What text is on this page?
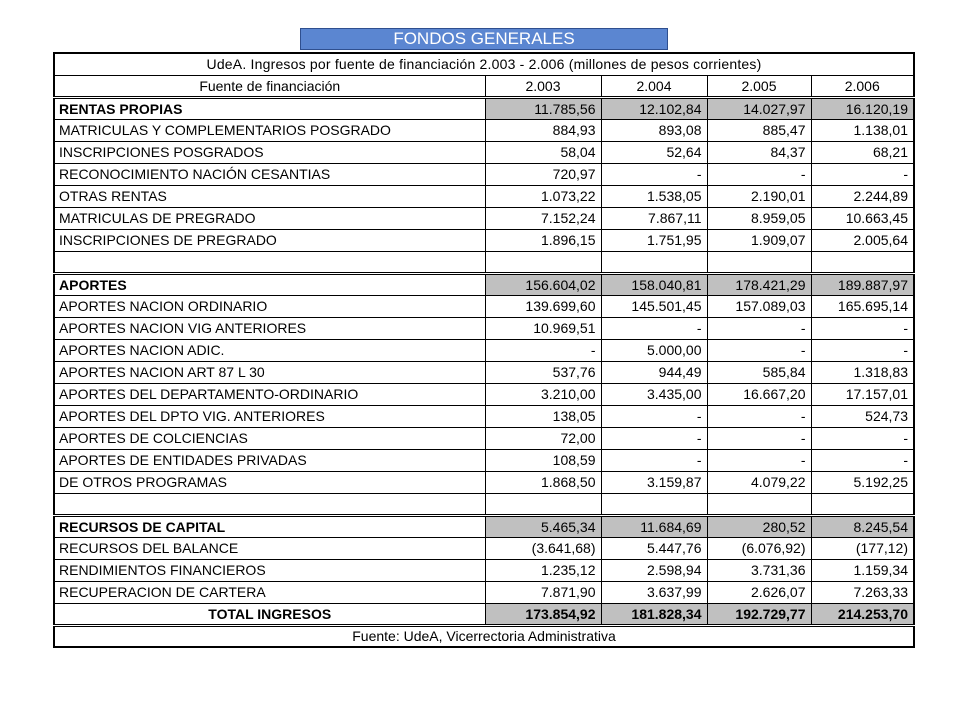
FONDOS GENERALES
UdeA. Ingresos por fuente de financiación 2.003 - 2.006 (millones de pesos corrientes)				
Fuente de financiación	2.003	2.004	2.005	2.006
RENTAS PROPIAS	11.785,56	12.102,84	14.027,97	16.120,19
MATRICULAS Y COMPLEMENTARIOS POSGRADO	884,93	893,08	885,47	1.138,01
INSCRIPCIONES POSGRADOS	58,04	52,64	84,37	68,21
RECONOCIMIENTO NACIÓN CESANTIAS	720,97	-	-	-
OTRAS RENTAS	1.073,22	1.538,05	2.190,01	2.244,89
MATRICULAS DE PREGRADO	7.152,24	7.867,11	8.959,05	10.663,45
INSCRIPCIONES DE PREGRADO	1.896,15	1.751,95	1.909,07	2.005,64

APORTES	156.604,02	158.040,81	178.421,29	189.887,97
APORTES NACION ORDINARIO	139.699,60	145.501,45	157.089,03	165.695,14
APORTES NACION VIG ANTERIORES	10.969,51	-	-	-
APORTES NACION ADIC.	-	5.000,00	-	-
APORTES NACION ART 87 L 30	537,76	944,49	585,84	1.318,83
APORTES DEL DEPARTAMENTO-ORDINARIO	3.210,00	3.435,00	16.667,20	17.157,01
APORTES DEL DPTO VIG. ANTERIORES	138,05	-	-	524,73
APORTES DE COLCIENCIAS	72,00	-	-	-
APORTES DE ENTIDADES PRIVADAS	108,59	-	-	-
DE OTROS PROGRAMAS	1.868,50	3.159,87	4.079,22	5.192,25

RECURSOS DE CAPITAL	5.465,34	11.684,69	280,52	8.245,54
RECURSOS DEL BALANCE	(3.641,68)	5.447,76	(6.076,92)	(177,12)
RENDIMIENTOS FINANCIEROS	1.235,12	2.598,94	3.731,36	1.159,34
RECUPERACION DE CARTERA	7.871,90	3.637,99	2.626,07	7.263,33
TOTAL INGRESOS	173.854,92	181.828,34	192.729,77	214.253,70
Fuente: UdeA, Vicerrectoria Administrativa				
